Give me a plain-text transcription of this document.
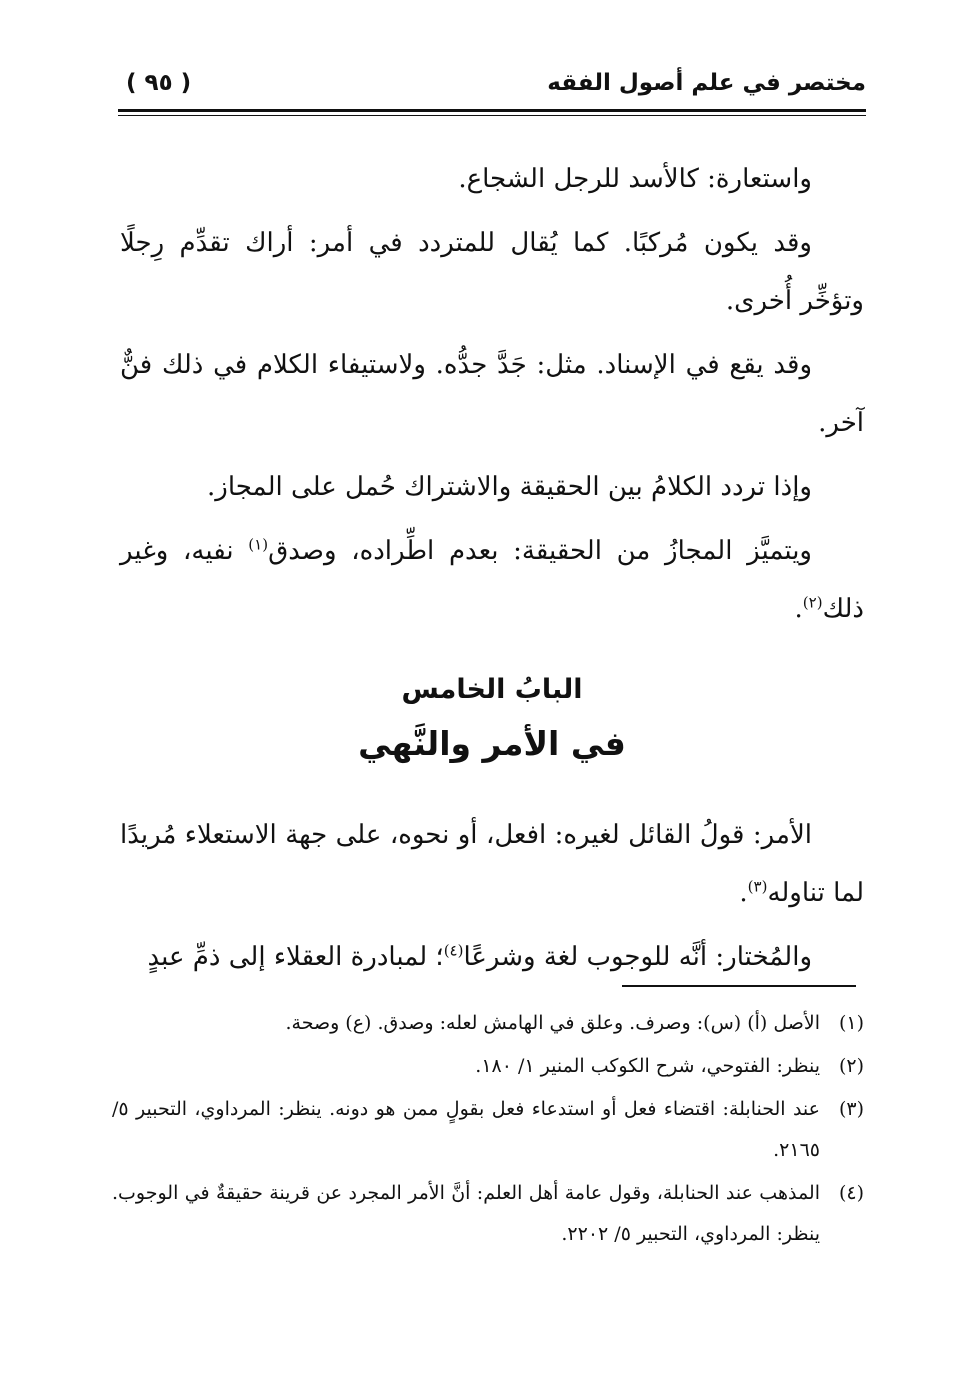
مختصر في علم أصول الفقه
( ٩٥ )

واستعارة: كالأسد للرجل الشجاع.

وقد يكون مُركبًا. كما يُقال للمتردد في أمر: أراك تقدِّم رِجلًا وتؤخِّر أُخرى.

وقد يقع في الإسناد. مثل: جَدَّ جدُّه. ولاستيفاء الكلام في ذلك فنٌّ آخر.

وإذا تردد الكلامُ بين الحقيقة والاشتراك حُمل على المجاز.

ويتميَّز المجازُ من الحقيقة: بعدم اطِّراده، وصدق$^{(١)}$ نفيه، وغير ذلك$^{(٢)}$.

البابُ الخامس
في الأمر والنَّهي

الأمر: قولُ القائل لغيره: افعل، أو نحوه، على جهة الاستعلاء مُريدًا لما تناوله$^{(٣)}$.

والمُختار: أنَّه للوجوب لغة وشرعًا$^{(٤)}$؛ لمبادرة العقلاء إلى ذمِّ عبدٍ

(١)
الأصل (أ) (س): وصرف. وعلق في الهامش لعله: وصدق. (ع) وصحة.
(٢)
ينظر: الفتوحي، شرح الكوكب المنير ١/ ١٨٠.
(٣)
عند الحنابلة: اقتضاء فعل أو استدعاء فعل بقولٍ ممن هو دونه. ينظر: المرداوي، التحبير ٥/ ٢١٦٥.
(٤)
المذهب عند الحنابلة، وقول عامة أهل العلم: أنَّ الأمر المجرد عن قرينة حقيقةٌ في الوجوب. ينظر: المرداوي، التحبير ٥/ ٢٢٠٢.
